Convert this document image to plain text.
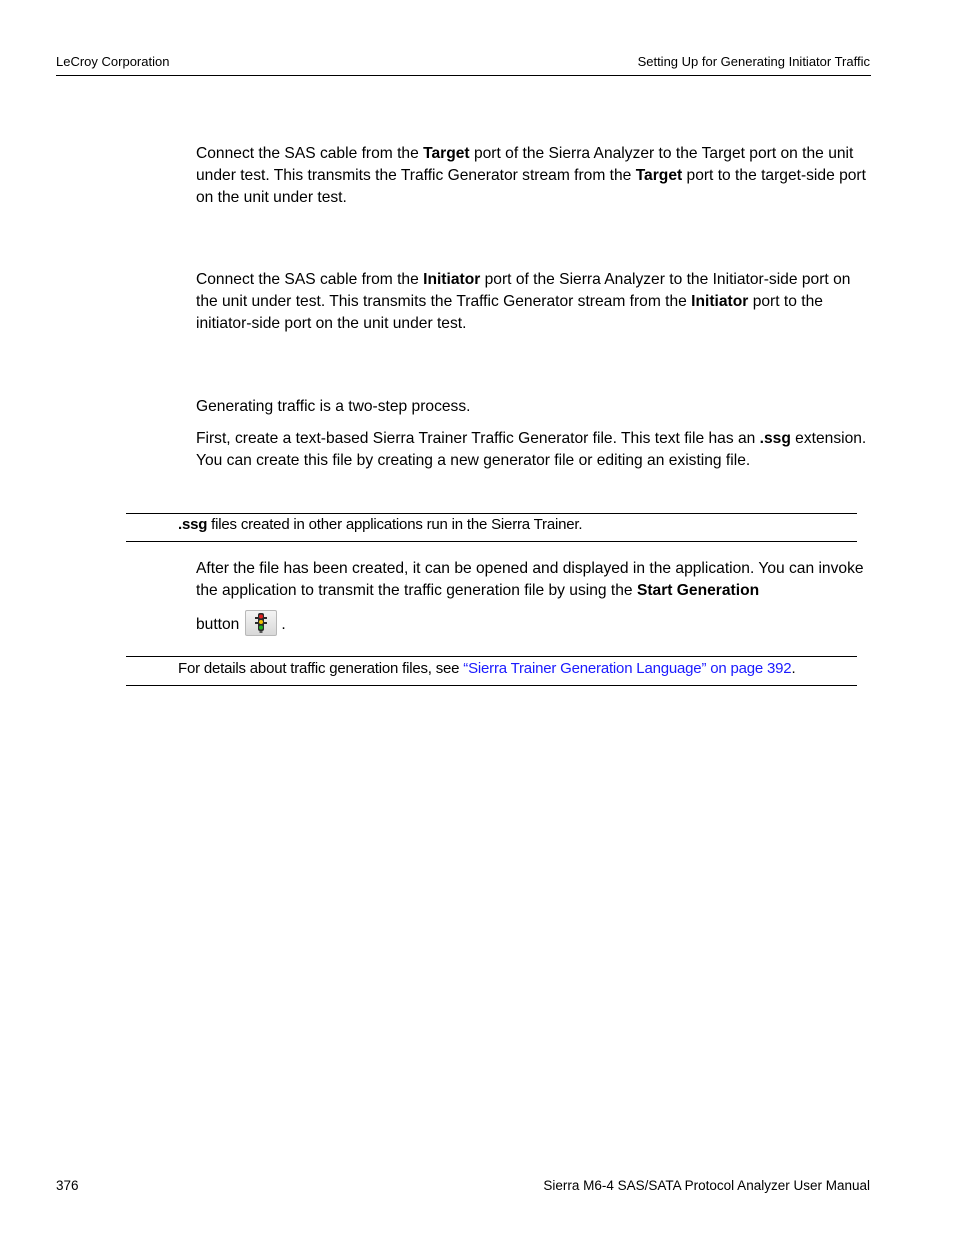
LeCroy Corporation	Setting Up for Generating Initiator Traffic

Connect the SAS cable from the Target port of the Sierra Analyzer to the Target port on the unit under test. This transmits the Traffic Generator stream from the Target port to the target-side port on the unit under test.

Connect the SAS cable from the Initiator port of the Sierra Analyzer to the Initiator-side port on the unit under test. This transmits the Traffic Generator stream from the Initiator port to the initiator-side port on the unit under test.

Generating traffic is a two-step process.

First, create a text-based Sierra Trainer Traffic Generator file. This text file has an .ssg extension. You can create this file by creating a new generator file or editing an existing file.

.ssg files created in other applications run in the Sierra Trainer.

After the file has been created, it can be opened and displayed in the application. You can invoke the application to transmit the traffic generation file by using the Start Generation

button	.
For details about traffic generation files, see “Sierra Trainer Generation Language” on page 392.
376	Sierra M6-4 SAS/SATA Protocol Analyzer User Manual
